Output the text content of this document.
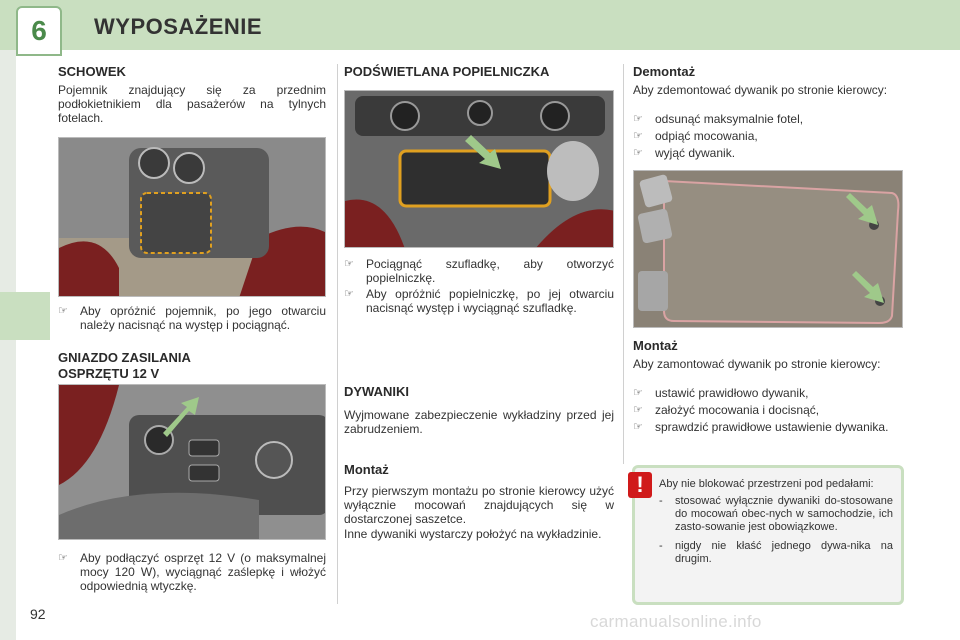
6	WYPOSAŻENIE
SCHOWEK
Pojemnik znajdujący się za przednim podłokietnikiem dla pasażerów na tylnych fotelach.
☞	Aby opróżnić pojemnik, po jego otwarciu należy nacisnąć na występ i pociągnąć.
GNIAZDO ZASILANIA
OSPRZĘTU 12 V
☞	Aby podłączyć osprzęt 12 V (o maksymalnej mocy 120 W), wyciągnąć zaślepkę i włożyć odpowiednią wtyczkę.
PODŚWIETLANA POPIELNICZKA
☞	Pociągnąć szufladkę, aby otworzyć popielniczkę.
☞	Aby opróżnić popielniczkę, po jej otwarciu nacisnąć występ i wyciągnąć szufladkę.
DYWANIKI
Wyjmowane zabezpieczenie wykładziny przed jej zabrudzeniem.
Montaż
Przy pierwszym montażu po stronie kierowcy użyć wyłącznie mocowań znajdujących się w dostarczonej saszetce.
Inne dywaniki wystarczy położyć na wykładzinie.
Demontaż
Aby zdemontować dywanik po stronie kierowcy:
☞	odsunąć maksymalnie fotel,
☞	odpiąć mocowania,
☞	wyjąć dywanik.
Montaż
Aby zamontować dywanik po stronie kierowcy:
☞	ustawić prawidłowo dywanik,
☞	założyć mocowania i docisnąć,
☞	sprawdzić prawidłowe ustawienie dywanika.
Aby nie blokować przestrzeni pod pedałami:
-	stosować wyłącznie dywaniki do-stosowane do mocowań obec-nych w samochodzie, ich zasto-sowanie jest obowiązkowe.
-	nigdy nie kłaść jednego dywa-nika na drugim.
!
92	carmanualsonline.info
